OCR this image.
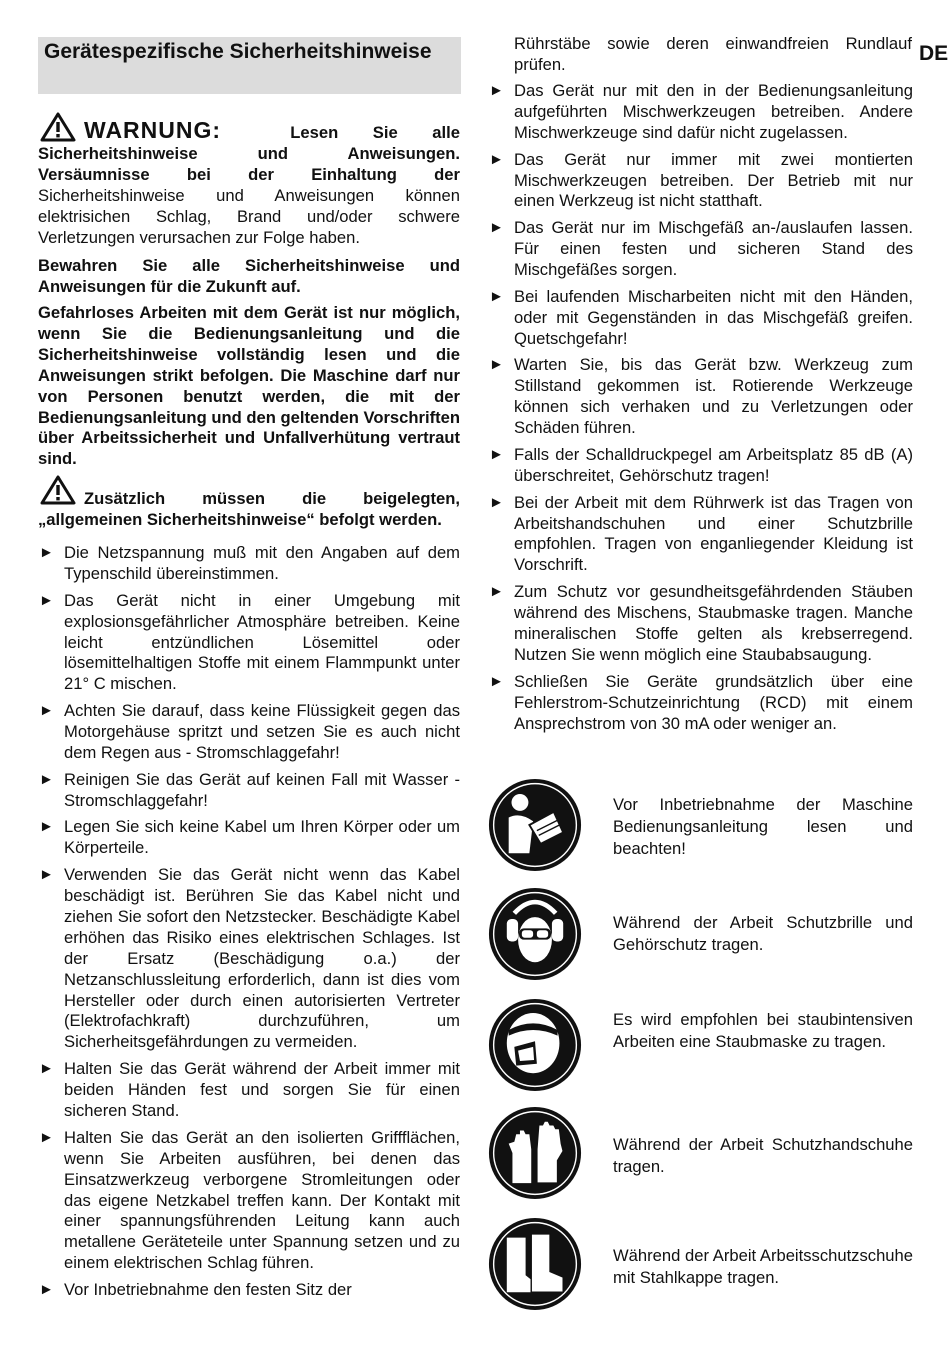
DE
Gerätespezifische Sicherheitshinweise
WARNUNG:	Lesen Sie alle Sicherheitshinweise und Anweisungen. Versäumnisse bei der Einhaltung der Sicherheitshinweise und Anweisungen können elektrisichen Schlag, Brand und/oder schwere Verletzungen verursachen zur Folge haben.
Bewahren Sie alle Sicherheitshinweise und Anweisungen für die Zukunft auf.
Gefahrloses Arbeiten mit dem Gerät ist nur möglich, wenn Sie die Bedienungsanleitung und die Sicherheitshinweise vollständig lesen und die Anweisungen strikt befolgen. Die Maschine darf nur von Personen benutzt werden, die mit der Bedienungsanleitung und den geltenden Vorschriften über Arbeitssicherheit und Unfallverhütung vertraut sind.
Zusätzlich müssen die beigelegten, „allgemeinen Sicherheitshinweise“ befolgt werden.
► Die Netzspannung muß mit den Angaben auf dem Typenschild übereinstimmen.
► Das Gerät nicht in einer Umgebung mit explosionsgefährlicher Atmosphäre betreiben. Keine leicht entzündlichen Lösemittel oder lösemittelhaltigen Stoffe mit einem Flammpunkt unter 21° C mischen.
► Achten Sie darauf, dass keine Flüssigkeit gegen das Motorgehäuse spritzt und setzen Sie es auch nicht dem Regen aus - Stromschlaggefahr!
► Reinigen Sie das Gerät auf keinen Fall mit Wasser - Stromschlaggefahr!
► Legen Sie sich keine Kabel um Ihren Körper oder um Körperteile.
► Verwenden Sie das Gerät nicht wenn das Kabel beschädigt ist. Berühren Sie das Kabel nicht und ziehen Sie sofort den Netzstecker. Beschädigte Kabel erhöhen das Risiko eines elektrischen Schlages. Ist der Ersatz (Beschädigung o.a.) der Netzanschlussleitung erforderlich, dann ist dies vom Hersteller oder durch einen autorisierten Vertreter (Elektrofachkraft) durchzuführen, um Sicherheitsgefährdungen zu vermeiden.
► Halten Sie das Gerät während der Arbeit immer mit beiden Händen fest und sorgen Sie für einen sicheren Stand.
► Halten Sie das Gerät an den isolierten Griffflächen, wenn Sie Arbeiten ausführen, bei denen das Einsatzwerkzeug verborgene Stromleitungen oder das eigene Netzkabel treffen kann. Der Kontakt mit einer spannungsführenden Leitung kann auch metallene Geräteteile unter Spannung setzen und zu einem elektrischen Schlag führen.
► Vor Inbetriebnahme den festen Sitz der
Rührstäbe sowie deren einwandfreien Rundlauf prüfen.
► Das Gerät nur mit den in der Bedienungsanleitung aufgeführten Mischwerkzeugen betreiben. Andere Mischwerkzeuge sind dafür nicht zugelassen.
► Das Gerät nur immer mit zwei montierten Mischwerkzeugen betreiben. Der Betrieb mit nur einen Werkzeug ist nicht statthaft.
► Das Gerät nur im Mischgefäß an-/auslaufen lassen. Für einen festen und sicheren Stand des Mischgefäßes sorgen.
► Bei laufenden Mischarbeiten nicht mit den Händen, oder mit Gegenständen in das Mischgefäß greifen. Quetschgefahr!
► Warten Sie, bis das Gerät bzw. Werkzeug zum Stillstand gekommen ist. Rotierende Werkzeuge können sich verhaken und zu Verletzungen oder Schäden führen.
► Falls der Schalldruckpegel am Arbeitsplatz 85 dB (A) überschreitet, Gehörschutz tragen!
► Bei der Arbeit mit dem Rührwerk ist das Tragen von Arbeitshandschuhen und einer Schutzbrille empfohlen. Tragen von enganliegender Kleidung ist Vorschrift.
► Zum Schutz vor gesundheitsgefährdenden Stäuben während des Mischens, Staubmaske tragen. Manche mineralischen Stoffe gelten als krebserregend. Nutzen Sie wenn möglich eine Staubabsaugung.
► Schließen Sie Geräte grundsätzlich über eine Fehlerstrom-Schutzeinrichtung (RCD) mit einem Ansprechstrom von 30 mA oder weniger an.
Vor Inbetriebnahme der Maschine Bedienungsanleitung lesen und beachten!
Während der Arbeit Schutzbrille und Gehörschutz tragen.
Es wird empfohlen bei staubintensiven Arbeiten eine Staubmaske zu tragen.
Während der Arbeit Schutzhandschuhe tragen.
Während der Arbeit Arbeitsschutzschuhe mit Stahlkappe tragen.
